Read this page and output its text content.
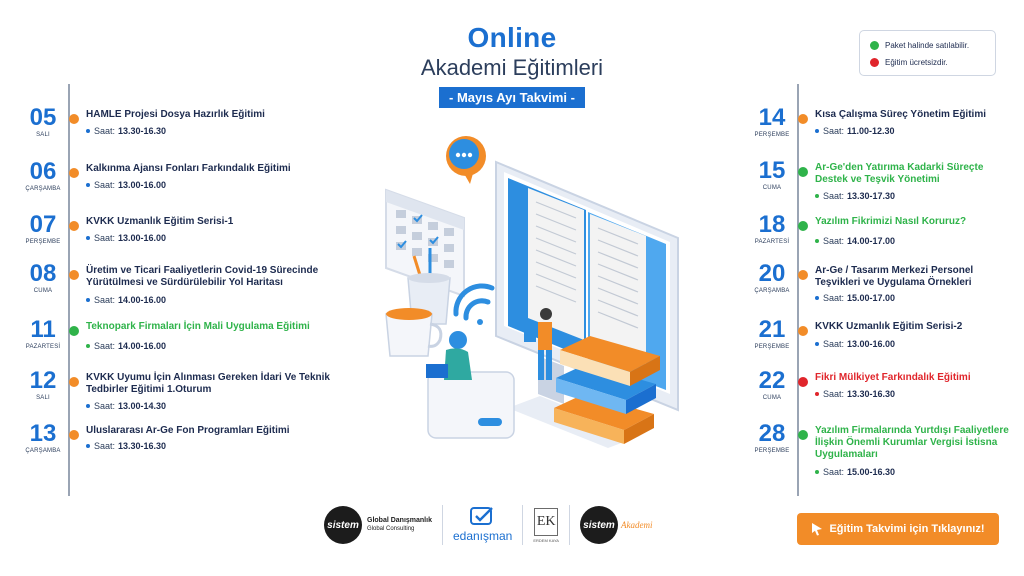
Online
Akademi Eğitimleri
- Mayıs Ayı Takvimi -
Paket halinde satılabilir.
Eğitim ücretsizdir.
05
SALI
HAMLE Projesi Dosya Hazırlık Eğitimi
Saat: 13.30-16.30
06
ÇARŞAMBA
Kalkınma Ajansı Fonları Farkındalık Eğitimi
Saat: 13.00-16.00
07
PERŞEMBE
KVKK Uzmanlık Eğitim Serisi-1
Saat: 13.00-16.00
08
CUMA
Üretim ve Ticari Faaliyetlerin Covid-19 Sürecinde Yürütülmesi ve Sürdürülebilir Yol Haritası
Saat: 14.00-16.00
11
PAZARTESİ
Teknopark Firmaları İçin Mali Uygulama Eğitimi
Saat: 14.00-16.00
12
SALI
KVKK Uyumu İçin Alınması Gereken İdari Ve Teknik Tedbirler Eğitimi 1.Oturum
Saat: 13.00-14.30
13
ÇARŞAMBA
Uluslararası Ar-Ge Fon Programları Eğitimi
Saat: 13.30-16.30
14
PERŞEMBE
Kısa Çalışma Süreç Yönetim Eğitimi
Saat: 11.00-12.30
15
CUMA
Ar-Ge'den Yatırıma Kadarki Süreçte Destek ve Teşvik Yönetimi
Saat: 13.30-17.30
18
PAZARTESİ
Yazılım Fikrimizi Nasıl Koruruz?
Saat: 14.00-17.00
20
ÇARŞAMBA
Ar-Ge / Tasarım Merkezi Personel Teşvikleri ve Uygulama Örnekleri
Saat: 15.00-17.00
21
PERŞEMBE
KVKK Uzmanlık Eğitim Serisi-2
Saat: 13.00-16.00
22
CUMA
Fikri Mülkiyet Farkındalık Eğitimi
Saat: 13.30-16.30
28
PERŞEMBE
Yazılım Firmalarında Yurtdışı Faaliyetlere İlişkin Önemli Kurumlar Vergisi İstisna Uygulamaları
Saat: 15.00-16.30
sistem	Global Danışmanlık
Global Consulting	edanışman
EK
ERDEM KAYA
sistem Akademi	Eğitim Takvimi için Tıklayınız!
